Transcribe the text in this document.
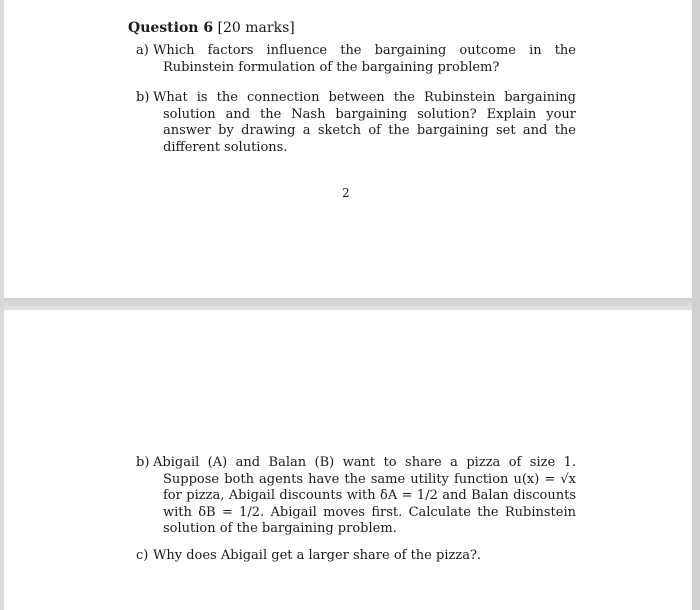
Question 6 [20 marks]
a) Which factors influence the bargaining outcome in the Rubinstein formulation of the bargaining problem?
b) What is the connection between the Rubinstein bargaining solution and the Nash bargaining solution? Explain your answer by drawing a sketch of the bargaining set and the different solutions.
2
b) Abigail (A) and Balan (B) want to share a pizza of size 1. Suppose both agents have the same utility function u(x) = √x for pizza, Abigail discounts with δA = 1/2 and Balan discounts with δB = 1/2. Abigail moves first. Calculate the Rubinstein solution of the bargaining problem.
c) Why does Abigail get a larger share of the pizza?.
